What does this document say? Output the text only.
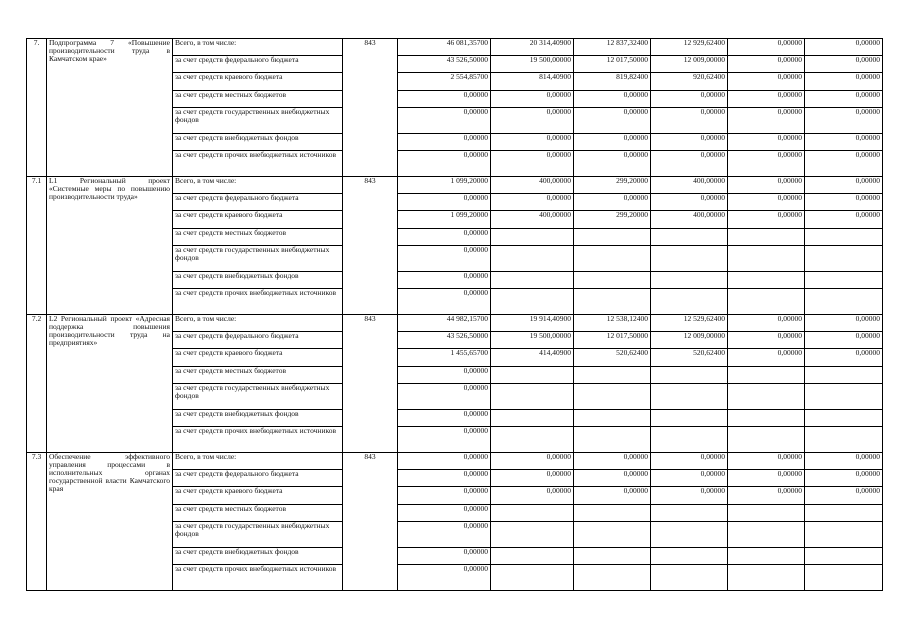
7.	Подпрограмма 7 «Повышение производительности труда в Камчатском крае»	Всего, в том числе:	843	46 081,35700	20 314,40900	12 837,32400	12 929,62400	0,00000	0,00000
		за счет средств федерального бюджета		43 526,50000	19 500,00000	12 017,50000	12 009,00000	0,00000	0,00000
		за счет средств краевого бюджета		2 554,85700	814,40900	819,82400	920,62400	0,00000	0,00000
		за счет средств местных бюджетов		0,00000	0,00000	0,00000	0,00000	0,00000	0,00000
		за счет средств государственных внебюджетных фондов		0,00000	0,00000	0,00000	0,00000	0,00000	0,00000
		за счет средств внебюджетных фондов		0,00000	0,00000	0,00000	0,00000	0,00000	0,00000
		за счет средств прочих внебюджетных источников		0,00000	0,00000	0,00000	0,00000	0,00000	0,00000
7.1	L1 Региональный проект «Системные меры по повышению производительности труда»	Всего, в том числе:	843	1 099,20000	400,00000	299,20000	400,00000	0,00000	0,00000
		за счет средств федерального бюджета		0,00000	0,00000	0,00000	0,00000	0,00000	0,00000
		за счет средств краевого бюджета		1 099,20000	400,00000	299,20000	400,00000	0,00000	0,00000
		за счет средств местных бюджетов		0,00000					
		за счет средств государственных внебюджетных фондов		0,00000					
		за счет средств внебюджетных фондов		0,00000					
		за счет средств прочих внебюджетных источников		0,00000					
7.2	L2 Региональный проект «Адресная поддержка повышения производительности труда на предприятиях»	Всего, в том числе:	843	44 982,15700	19 914,40900	12 538,12400	12 529,62400	0,00000	0,00000
		за счет средств федерального бюджета		43 526,50000	19 500,00000	12 017,50000	12 009,00000	0,00000	0,00000
		за счет средств краевого бюджета		1 455,65700	414,40900	520,62400	520,62400	0,00000	0,00000
		за счет средств местных бюджетов		0,00000					
		за счет средств государственных внебюджетных фондов		0,00000					
		за счет средств внебюджетных фондов		0,00000					
		за счет средств прочих внебюджетных источников		0,00000					
7.3	Обеспечение эффективного управления процессами в исполнительных органах государственной власти Камчатского края	Всего, в том числе:	843	0,00000	0,00000	0,00000	0,00000	0,00000	0,00000
		за счет средств федерального бюджета		0,00000	0,00000	0,00000	0,00000	0,00000	0,00000
		за счет средств краевого бюджета		0,00000	0,00000	0,00000	0,00000	0,00000	0,00000
		за счет средств местных бюджетов		0,00000					
		за счет средств государственных внебюджетных фондов		0,00000					
		за счет средств внебюджетных фондов		0,00000					
		за счет средств прочих внебюджетных источников		0,00000					
